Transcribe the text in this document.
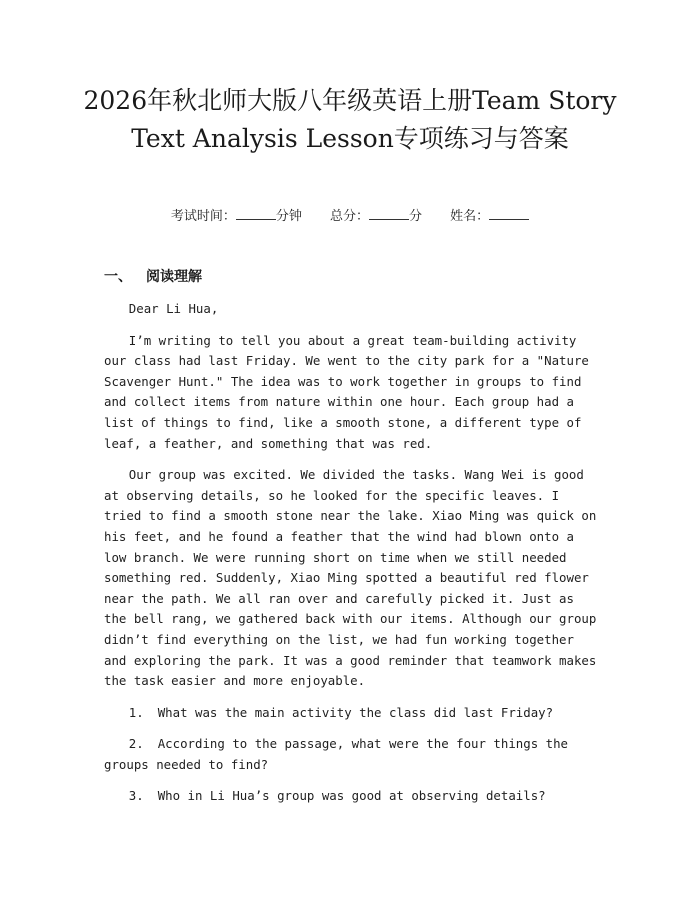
2026年秋北师大版八年级英语上册Team Story Text Analysis Lesson专项练习与答案
考试时间：	分钟 总分：	分 姓名：
一、 阅读理解

Dear Li Hua,

I’m writing to tell you about a great team-building activity our class had last Friday. We went to the city park for a "Nature Scavenger Hunt." The idea was to work together in groups to find and collect items from nature within one hour. Each group had a list of things to find, like a smooth stone, a different type of leaf, a feather, and something that was red.

Our group was excited. We divided the tasks. Wang Wei is good at observing details, so he looked for the specific leaves. I tried to find a smooth stone near the lake. Xiao Ming was quick on his feet, and he found a feather that the wind had blown onto a low branch. We were running short on time when we still needed something red. Suddenly, Xiao Ming spotted a beautiful red flower near the path. We all ran over and carefully picked it. Just as the bell rang, we gathered back with our items. Although our group didn’t find everything on the list, we had fun working together and exploring the park. It was a good reminder that teamwork makes the task easier and more enjoyable.

1. What was the main activity the class did last Friday?

2. According to the passage, what were the four things the groups needed to find?

3. Who in Li Hua’s group was good at observing details?
